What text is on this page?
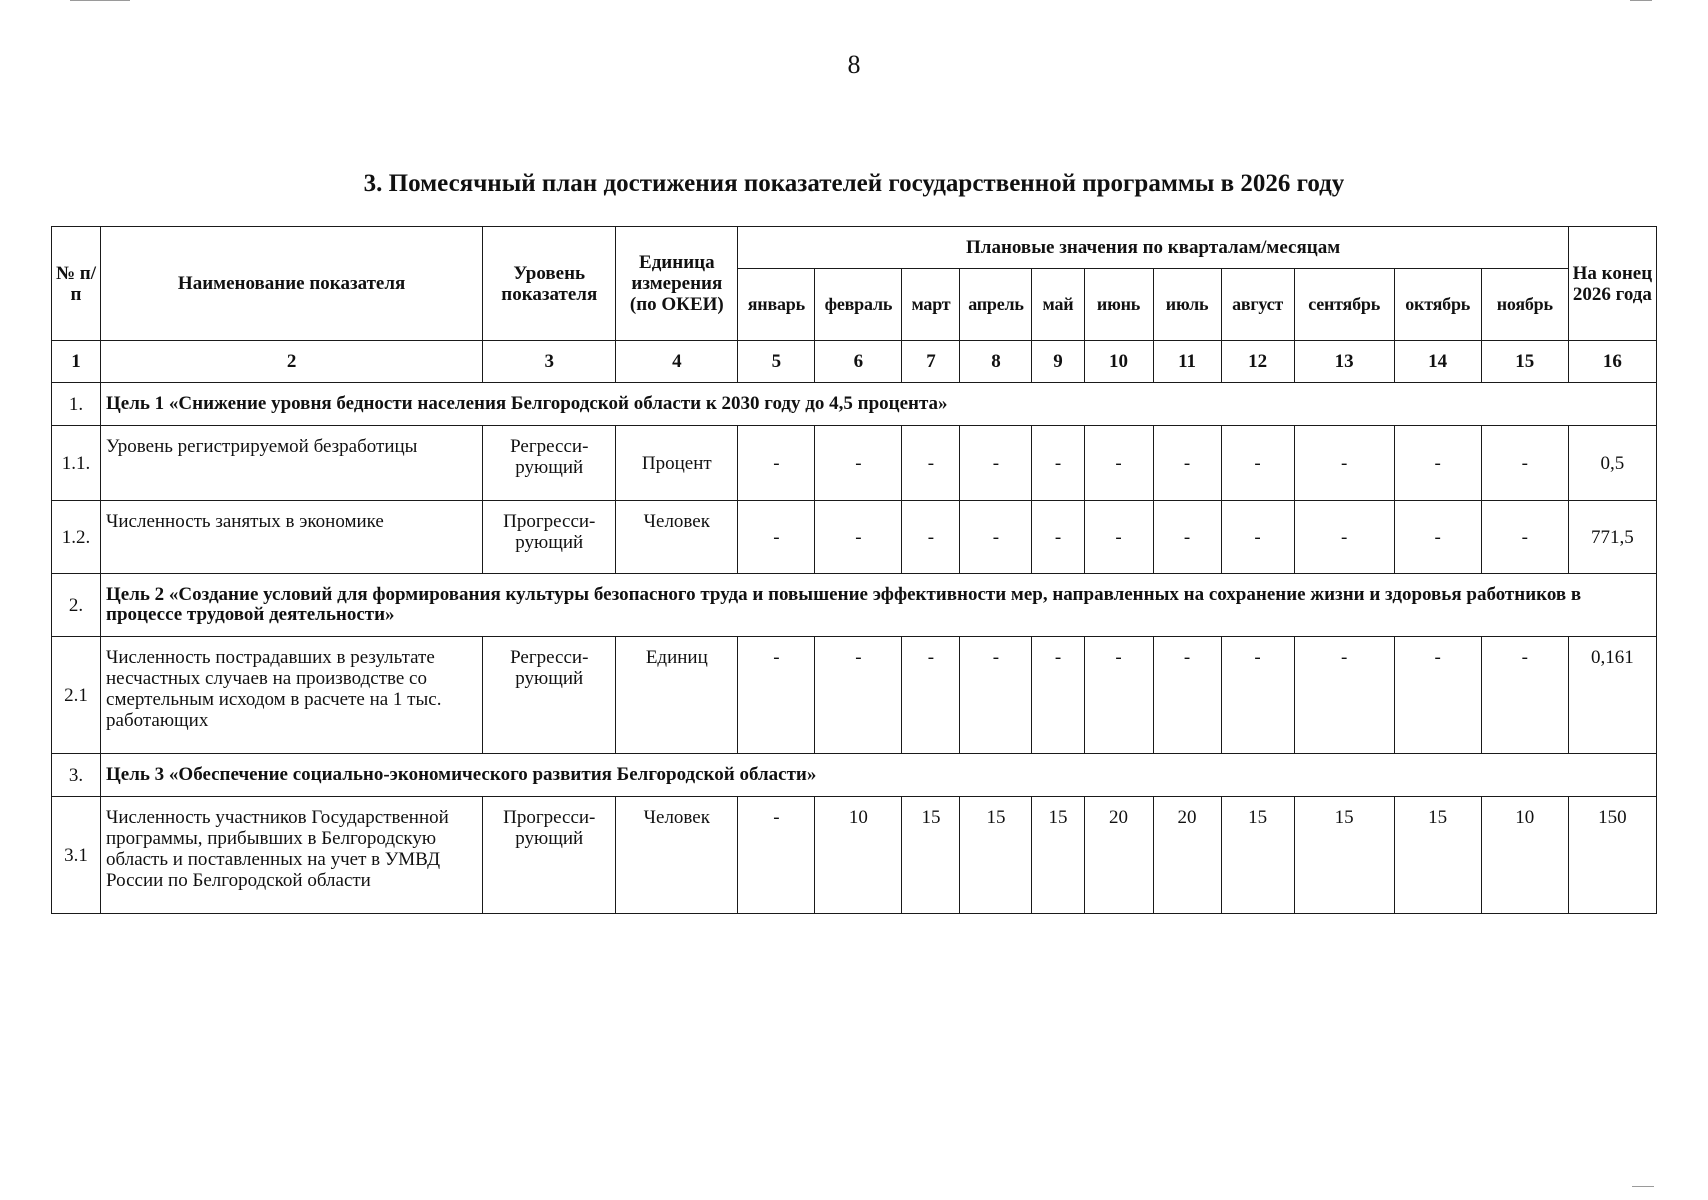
8
3. Помесячный план достижения показателей государственной программы в 2026 году
№ п/п	Наименование показателя	Уровень показателя	Единица измерения (по ОКЕИ)	Плановые значения по кварталам/месяцам											На конец 2026 года
				январь	февраль	март	апрель	май	июнь	июль	август	сентябрь	октябрь	ноябрь	
1	2	3	4	5	6	7	8	9	10	11	12	13	14	15	16
1.	Цель 1 «Снижение уровня бедности населения Белгородской области к 2030 году до 4,5 процента»														
1.1.	Уровень регистрируемой безработицы	Регресси-рующий	Процент	-	-	-	-	-	-	-	-	-	-	-	0,5
1.2.	Численность занятых в экономике	Прогресси-рующий	Человек	-	-	-	-	-	-	-	-	-	-	-	771,5
2.	Цель 2 «Создание условий для формирования культуры безопасного труда и повышение эффективности мер, направленных на сохранение жизни и здоровья работников в процессе трудовой деятельности»														
2.1	Численность пострадавших в результате несчастных случаев на производстве со смертельным исходом в расчете на 1 тыс. работающих	Регресси-рующий	Единиц	-	-	-	-	-	-	-	-	-	-	-	0,161
3.	Цель 3 «Обеспечение социально-экономического развития Белгородской области»														
3.1	Численность участников Государственной программы, прибывших в Белгородскую область и поставленных на учет в УМВД России по Белгородской области	Прогресси-рующий	Человек	-	10	15	15	15	20	20	15	15	15	10	150
